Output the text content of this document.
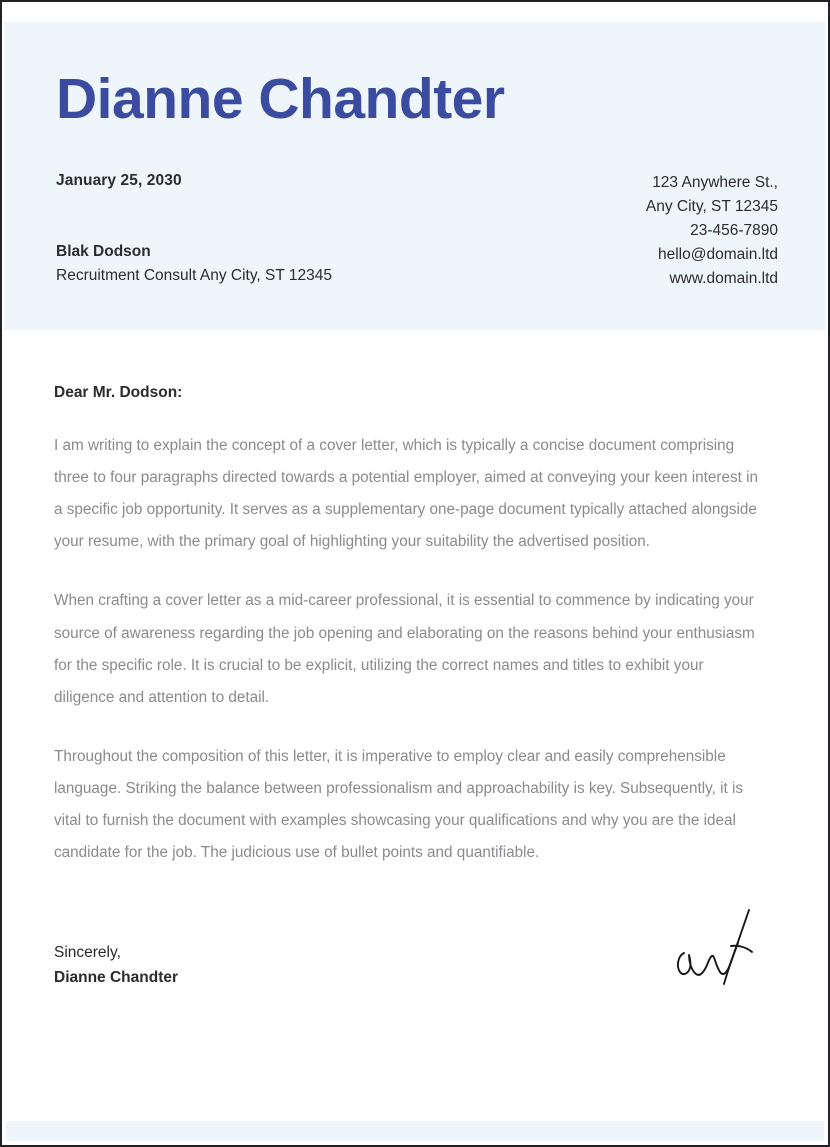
Dianne Chandter
January 25, 2030	123 Anywhere St.,
Any City, ST 12345
23-456-7890
hello@domain.ltd
www.domain.ltd
Blak Dodson
Recruitment Consult Any City, ST 12345
Dear Mr. Dodson:

I am writing to explain the concept of a cover letter, which is typically a concise document comprising three to four paragraphs directed towards a potential employer, aimed at conveying your keen interest in a specific job opportunity. It serves as a supplementary one-page document typically attached alongside your resume, with the primary goal of highlighting your suitability the advertised position.

When crafting a cover letter as a mid-career professional, it is essential to commence by indicating your source of awareness regarding the job opening and elaborating on the reasons behind your enthusiasm for the specific role. It is crucial to be explicit, utilizing the correct names and titles to exhibit your diligence and attention to detail.

Throughout the composition of this letter, it is imperative to employ clear and easily comprehensible language. Striking the balance between professionalism and approachability is key. Subsequently, it is vital to furnish the document with examples showcasing your qualifications and why you are the ideal candidate for the job. The judicious use of bullet points and quantifiable.

Sincerely,
Dianne Chandter
